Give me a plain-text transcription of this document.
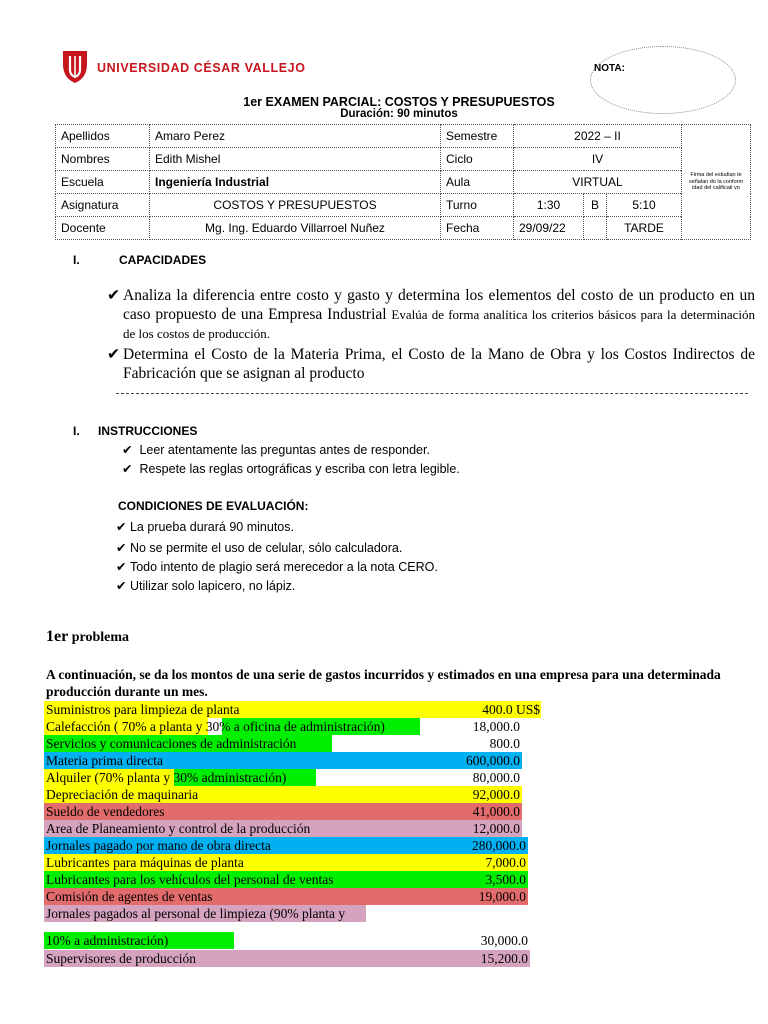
UNIVERSIDAD CÉSAR VALLEJO	NOTA:
1er EXAMEN PARCIAL: COSTOS Y PRESUPUESTOS
Duración: 90 minutos
Apellidos	Amaro Perez	Semestre	2022 – II			Firma del estudian te señalan do la conform idad del calificati vo
Nombres	Edith Mishel	Ciclo	IV			
Escuela	Ingeniería Industrial	Aula	VIRTUAL			
Asignatura	COSTOS Y PRESUPUESTOS	Turno	1:30	B	5:10	
Docente	Mg. Ing. Eduardo Villarroel Nuñez	Fecha	29/09/22		TARDE	
I.	CAPACIDADES
✔ Analiza la diferencia entre costo y gasto y determina los elementos del costo de un producto en un caso propuesto de una Empresa Industrial Evalúa de forma analítica los criterios básicos para la determinación de los costos de producción.
✔ Determina el Costo de la Materia Prima, el Costo de la Mano de Obra y los Costos Indirectos de Fabricación que se asignan al producto
I. INSTRUCCIONES
✔ Leer atentamente las preguntas antes de responder.
✔ Respete las reglas ortográficas y escriba con letra legible.
CONDICIONES DE EVALUACIÓN:
✔ La prueba durará 90 minutos.
✔ No se permite el uso de celular, sólo calculadora.
✔ Todo intento de plagio será merecedor a la nota CERO.
✔ Utilizar solo lapicero, no lápiz.
1er problema
A continuación, se da los montos de una serie de gastos incurridos y estimados en una empresa para una determinada producción durante un mes.
Suministros para limpieza de planta	400.0 US$
Calefacción ( 70% a planta y 30% a oficina de administración)	18,000.0
Servicios y comunicaciones de administración	800.0
Materia prima directa	600,000.0
Alquiler (70% planta y 30% administración)	80,000.0
Depreciación de maquinaria	92,000.0
Sueldo de vendedores	41,000.0
Area de Planeamiento y control de la producción	12,000.0
Jornales pagado por mano de obra directa	280,000.0
Lubricantes para máquinas de planta	7,000.0
Lubricantes para los vehículos del personal de ventas	3,500.0
Comisión de agentes de ventas	19,000.0
Jornales pagados al personal de limpieza (90% planta y
10% a administración)	30,000.0
Supervisores de producción	15,200.0
